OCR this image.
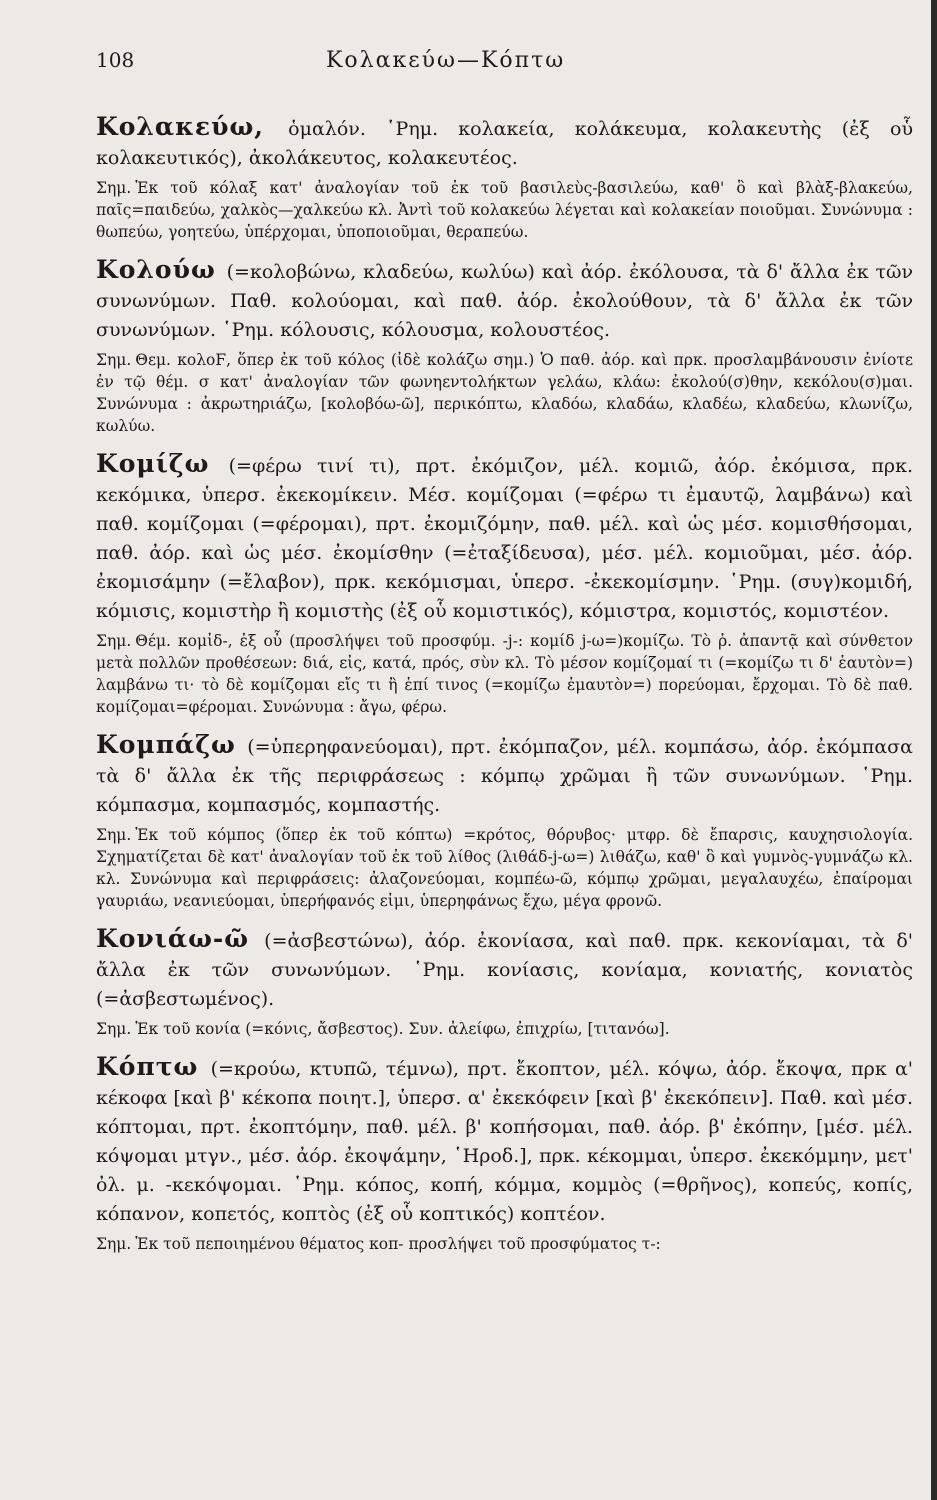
108	Κολακεύω—Κόπτω

Κολακεύω, ὁμαλόν. ῾Ρημ. κολακεία, κολάκευμα, κολακευτὴς (ἐξ οὗ κολακευτικός), ἀκολάκευτος, κολακευτέος.

Σημ. Ἐκ τοῦ κόλαξ κατ' ἀναλογίαν τοῦ ἐκ τοῦ βασιλεὺς-βασιλεύω, καθ' ὃ καὶ βλὰξ-βλακεύω, παῖς=παιδεύω, χαλκὸς—χαλκεύω κλ. Ἀντὶ τοῦ κολακεύω λέγεται καὶ κολακείαν ποιοῦμαι. Συνώνυμα : θωπεύω, γοητεύω, ὑπέρχομαι, ὑποποιοῦμαι, θεραπεύω.

Κολούω (=κολοβώνω, κλαδεύω, κωλύω) καὶ ἀόρ. ἐκόλουσα, τὰ δ' ἄλλα ἐκ τῶν συνωνύμων. Παθ. κολούομαι, καὶ παθ. ἀόρ. ἐκολούθουν, τὰ δ' ἄλλα ἐκ τῶν συνωνύμων. ῾Ρημ. κόλουσις, κόλουσμα, κολουστέος.

Σημ. Θεμ. κολοϜ, ὅπερ ἐκ τοῦ κόλος (ἰδὲ κολάζω σημ.) Ὁ παθ. ἀόρ. καὶ πρκ. προσλαμβάνουσιν ἐνίοτε ἐν τῷ θέμ. σ κατ' ἀναλογίαν τῶν φωνηεντολήκτων γελάω, κλάω: ἐκολού(σ)θην, κεκόλου(σ)μαι. Συνώνυμα : ἀκρωτηριάζω, [κολοβόω-ῶ], περικόπτω, κλαδόω, κλαδάω, κλαδέω, κλαδεύω, κλωνίζω, κωλύω.

Κομίζω (=φέρω τινί τι), πρτ. ἐκόμιζον, μέλ. κομιῶ, ἀόρ. ἐκόμισα, πρκ. κεκόμικα, ὑπερσ. ἐκεκομίκειν. Μέσ. κομίζομαι (=φέρω τι ἐμαυτῷ, λαμβάνω) καὶ παθ. κομίζομαι (=φέρομαι), πρτ. ἐκομιζόμην, παθ. μέλ. καὶ ὡς μέσ. κομισθήσομαι, παθ. ἀόρ. καὶ ὡς μέσ. ἐκομίσθην (=ἐταξίδευσα), μέσ. μέλ. κομιοῦμαι, μέσ. ἀόρ. ἐκομισάμην (=ἔλαβον), πρκ. κεκόμισμαι, ὑπερσ. -ἐκεκομίσμην. ῾Ρημ. (συγ)κομιδή, κόμισις, κομιστὴρ ἢ κομιστὴς (ἐξ οὗ κομιστικός), κόμιστρα, κομιστός, κομιστέον.

Σημ. Θέμ. κομἰδ-, ἐξ οὗ (προσλήψει τοῦ προσφύμ. -j-: κομίδ j-ω=)κομίζω. Τὸ ῥ. ἀπαντᾷ καὶ σύνθετον μετὰ πολλῶν προθέσεων: διά, εἰς, κατά, πρός, σὺν κλ. Τὸ μέσον κομίζομαί τι (=κομίζω τι δ' ἑαυτὸν=) λαμβάνω τι· τὸ δὲ κομίζομαι εἴς τι ἢ ἐπί τινος (=κομίζω ἐμαυτὸν=) πορεύομαι, ἔρχομαι. Τὸ δὲ παθ. κομίζομαι=φέρομαι. Συνώνυμα : ἄγω, φέρω.

Κομπάζω (=ὑπερηφανεύομαι), πρτ. ἐκόμπαζον, μέλ. κομπάσω, ἀόρ. ἐκόμπασα τὰ δ' ἄλλα ἐκ τῆς περιφράσεως : κόμπῳ χρῶμαι ἢ τῶν συνωνύμων. ῾Ρημ. κόμπασμα, κομπασμός, κομπαστής.

Σημ. Ἐκ τοῦ κόμπος (ὅπερ ἐκ τοῦ κόπτω) =κρότος, θόρυβος· μτφρ. δὲ ἔπαρσις, καυχησιολογία. Σχηματίζεται δὲ κατ' ἀναλογίαν τοῦ ἐκ τοῦ λίθος (λιθάδ-j-ω=) λιθάζω, καθ' ὃ καὶ γυμνὸς-γυμνάζω κλ. κλ. Συνώνυμα καὶ περιφράσεις: ἀλαζονεύομαι, κομπέω-ῶ, κόμπῳ χρῶμαι, μεγαλαυχέω, ἐπαίρομαι γαυριάω, νεανιεύομαι, ὑπερήφανός εἰμι, ὑπερηφάνως ἔχω, μέγα φρονῶ.

Κονιάω-ῶ (=ἀσβεστώνω), ἀόρ. ἐκονίασα, καὶ παθ. πρκ. κεκονίαμαι, τὰ δ' ἄλλα ἐκ τῶν συνωνύμων. ῾Ρημ. κονίασις, κονίαμα, κονιατής, κονιατὸς (=ἀσβεστωμένος).

Σημ. Ἐκ τοῦ κονία (=κόνις, ἄσβεστος). Συν. ἀλείφω, ἐπιχρίω, [τιτανόω].

Κόπτω (=κρούω, κτυπῶ, τέμνω), πρτ. ἔκοπτον, μέλ. κόψω, ἀόρ. ἔκοψα, πρκ α' κέκοφα [καὶ β' κέκοπα ποιητ.], ὑπερσ. α' ἐκεκόφειν [καὶ β' ἐκεκόπειν]. Παθ. καὶ μέσ. κόπτομαι, πρτ. ἐκοπτόμην, παθ. μέλ. β' κοπήσομαι, παθ. ἀόρ. β' ἐκόπην, [μέσ. μέλ. κόψομαι μτγν., μέσ. ἀόρ. ἐκοψάμην, ῾Ηροδ.], πρκ. κέκομμαι, ὑπερσ. ἐκεκόμμην, μετ' ὀλ. μ. -κεκόψομαι. ῾Ρημ. κόπος, κοπή, κόμμα, κομμὸς (=θρῆνος), κοπεύς, κοπίς, κόπανον, κοπετός, κοπτὸς (ἐξ οὗ κοπτικός) κοπτέον.

Σημ. Ἐκ τοῦ πεποιημένου θέματος κοπ- προσλήψει τοῦ προσφύματος τ-:
